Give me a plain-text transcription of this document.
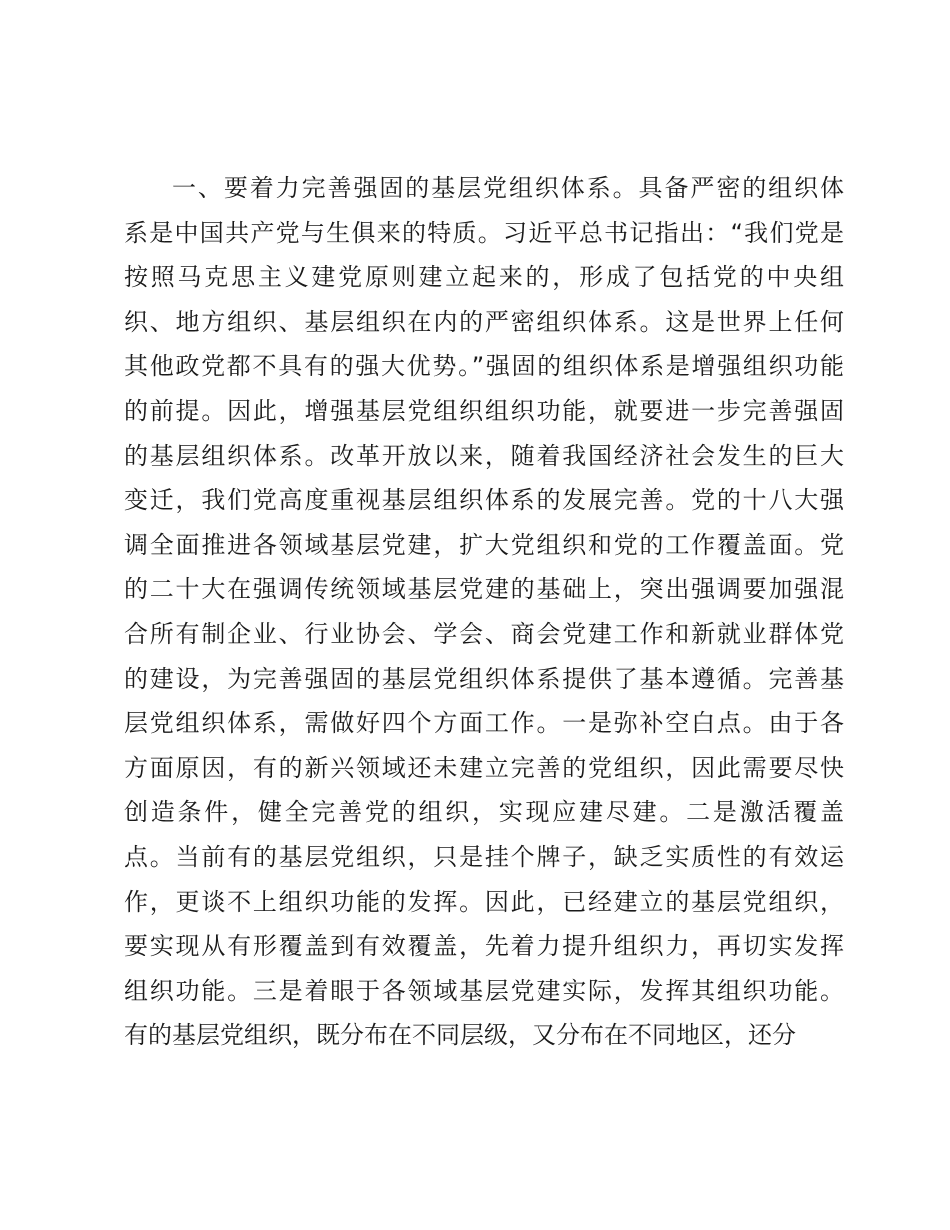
一、要着力完善强固的基层党组织体系。具备严密的组织体
系是中国共产党与生俱来的特质。习近平总书记指出：“我们党是
按照马克思主义建党原则建立起来的，形成了包括党的中央组
织、地方组织、基层组织在内的严密组织体系。这是世界上任何
其他政党都不具有的强大优势。”强固的组织体系是增强组织功能
的前提。因此，增强基层党组织组织功能，就要进一步完善强固
的基层组织体系。改革开放以来，随着我国经济社会发生的巨大
变迁，我们党高度重视基层组织体系的发展完善。党的十八大强
调全面推进各领域基层党建，扩大党组织和党的工作覆盖面。党
的二十大在强调传统领域基层党建的基础上，突出强调要加强混
合所有制企业、行业协会、学会、商会党建工作和新就业群体党
的建设，为完善强固的基层党组织体系提供了基本遵循。完善基
层党组织体系，需做好四个方面工作。一是弥补空白点。由于各
方面原因，有的新兴领域还未建立完善的党组织，因此需要尽快
创造条件，健全完善党的组织，实现应建尽建。二是激活覆盖
点。当前有的基层党组织，只是挂个牌子，缺乏实质性的有效运
作，更谈不上组织功能的发挥。因此，已经建立的基层党组织，
要实现从有形覆盖到有效覆盖，先着力提升组织力，再切实发挥
组织功能。三是着眼于各领域基层党建实际，发挥其组织功能。
有的基层党组织，既分布在不同层级，又分布在不同地区，还分
